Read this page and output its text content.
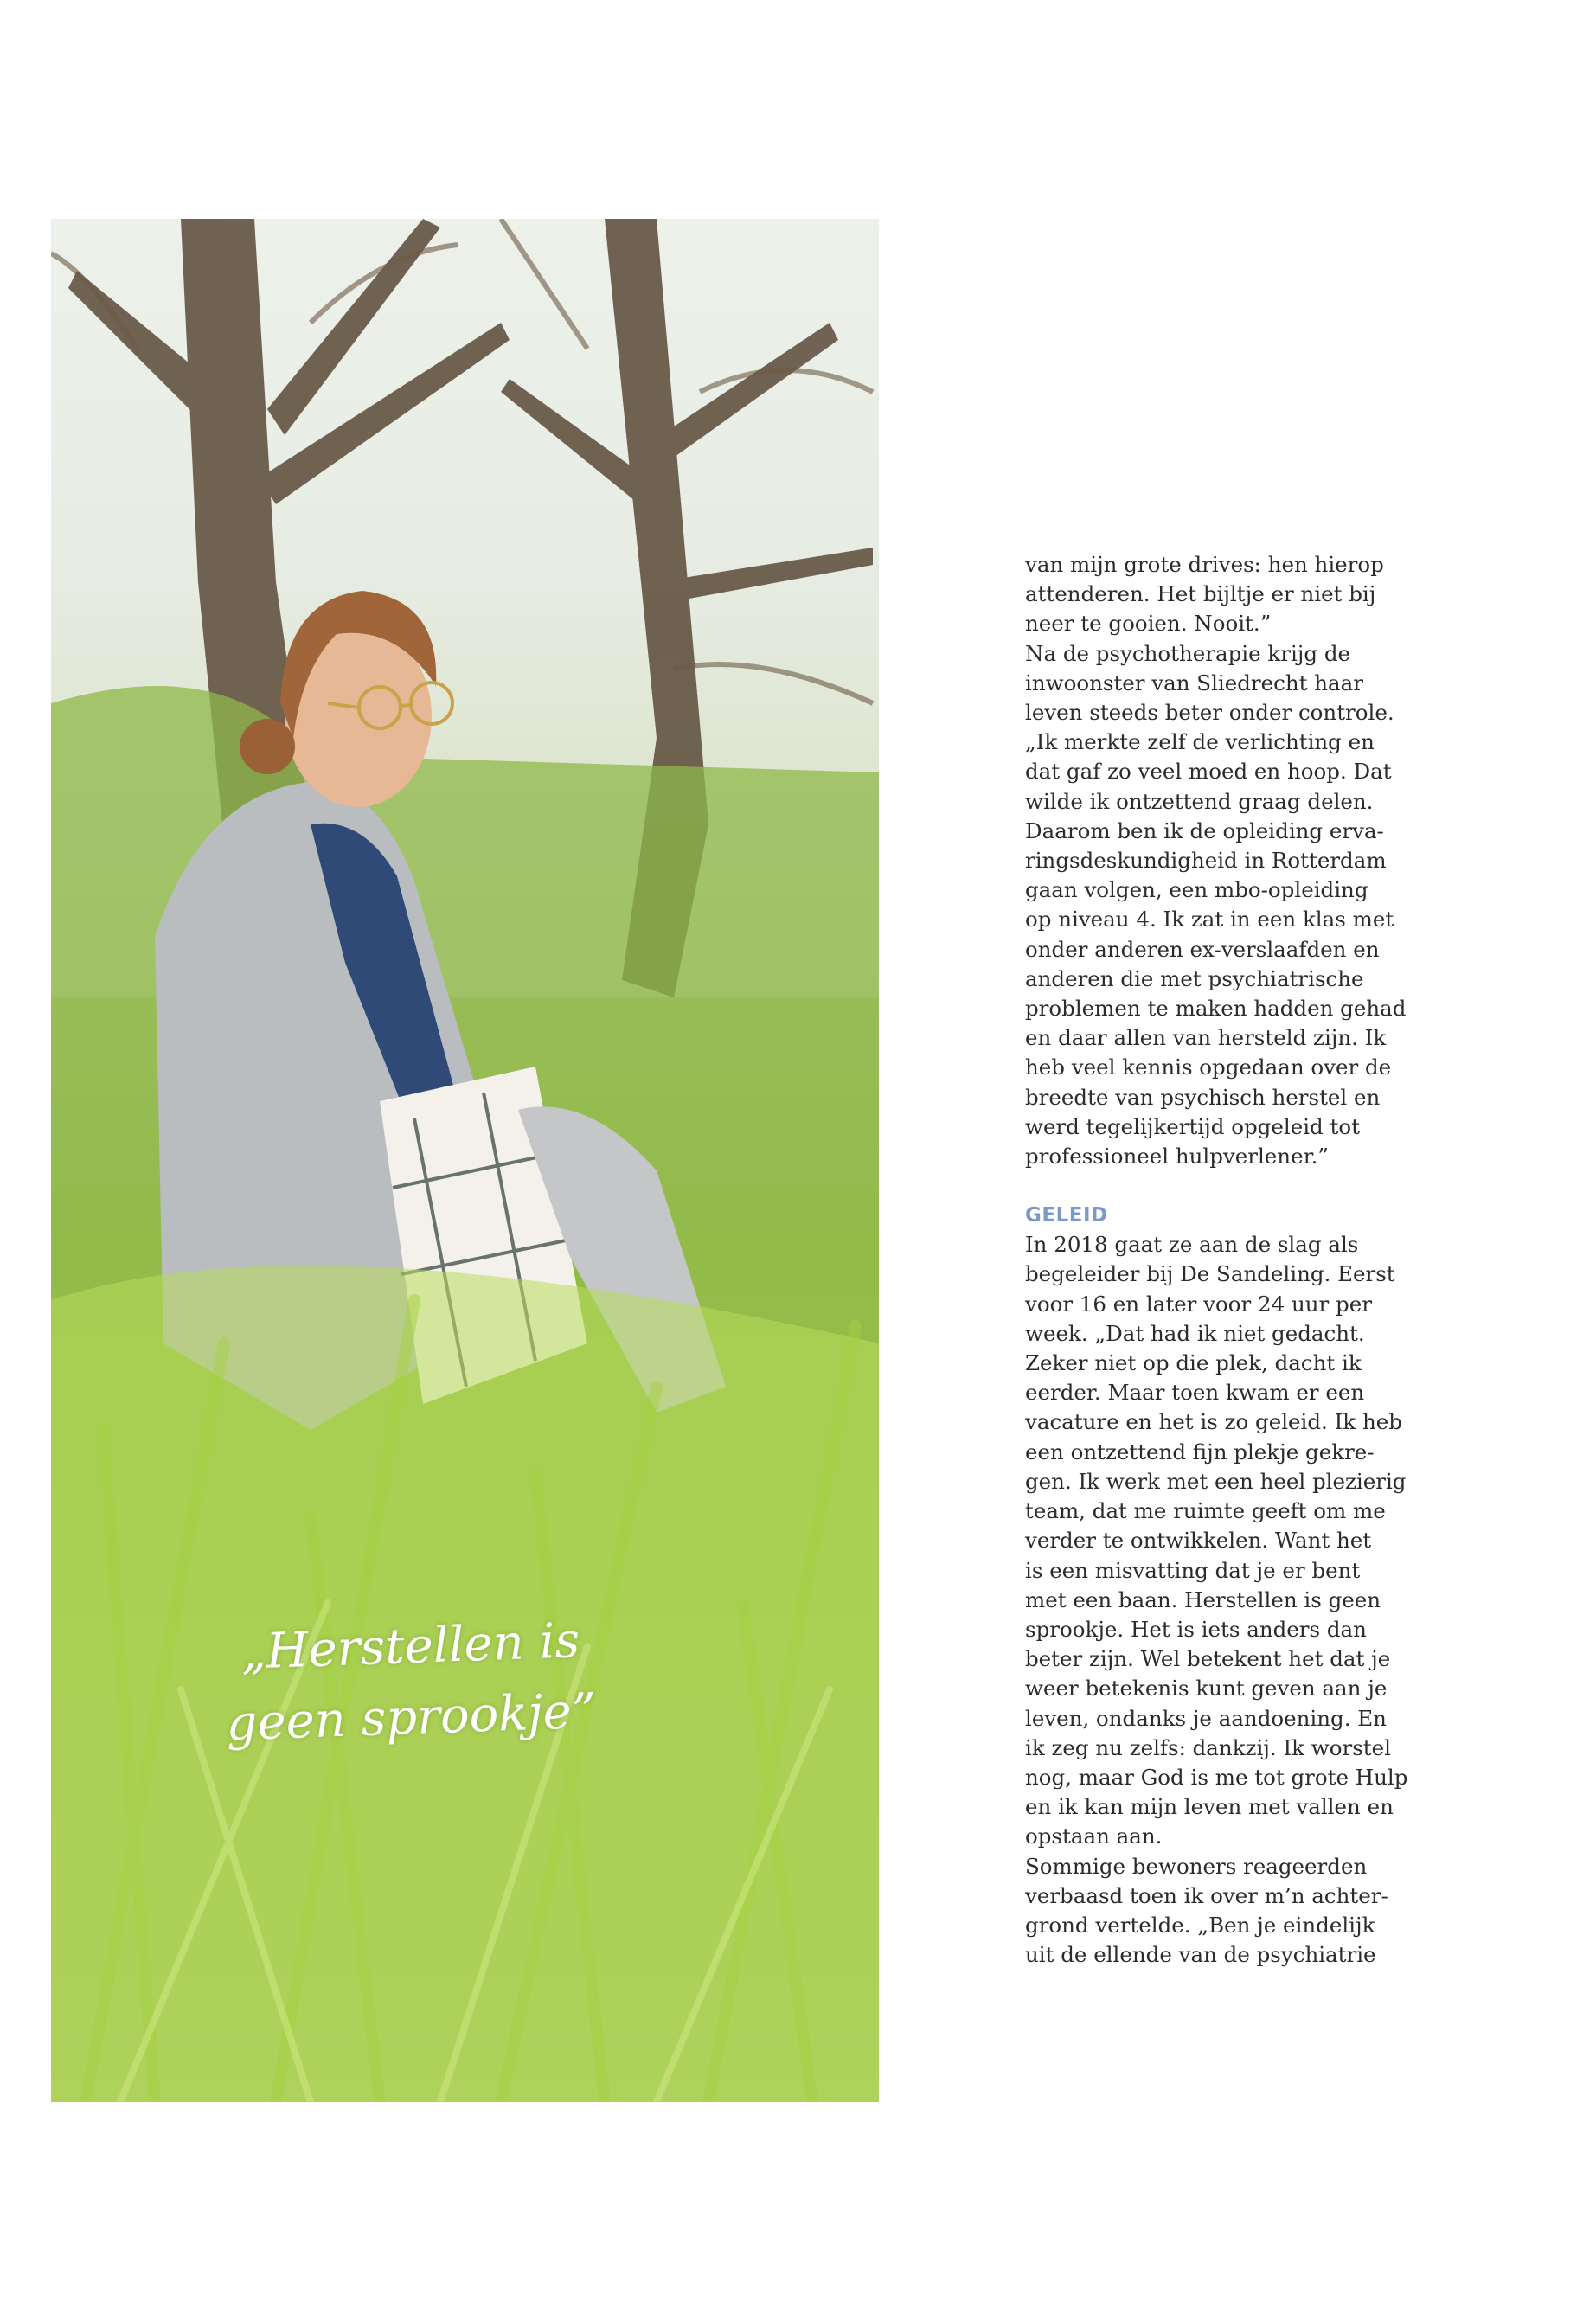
„Herstellen is
geen sprookje”

van mijn grote drives: hen hierop
attenderen. Het bijltje er niet bij
neer te gooien. Nooit.”
Na de psychotherapie krijg de
inwoonster van Sliedrecht haar
leven steeds beter onder controle.
„Ik merkte zelf de verlichting en
dat gaf zo veel moed en hoop. Dat
wilde ik ontzettend graag delen.
Daarom ben ik de opleiding erva-
ringsdeskundigheid in Rotterdam
gaan volgen, een mbo-opleiding
op niveau 4. Ik zat in een klas met
onder anderen ex-verslaafden en
anderen die met psychiatrische
problemen te maken hadden gehad
en daar allen van hersteld zijn. Ik
heb veel kennis opgedaan over de
breedte van psychisch herstel en
werd tegelijkertijd opgeleid tot
professioneel hulpverlener.”

GELEID

In 2018 gaat ze aan de slag als
begeleider bij De Sandeling. Eerst
voor 16 en later voor 24 uur per
week. „Dat had ik niet gedacht.
Zeker niet op die plek, dacht ik
eerder. Maar toen kwam er een
vacature en het is zo geleid. Ik heb
een ontzettend fijn plekje gekre-
gen. Ik werk met een heel plezierig
team, dat me ruimte geeft om me
verder te ontwikkelen. Want het
is een misvatting dat je er bent
met een baan. Herstellen is geen
sprookje. Het is iets anders dan
beter zijn. Wel betekent het dat je
weer betekenis kunt geven aan je
leven, ondanks je aandoening. En
ik zeg nu zelfs: dankzij. Ik worstel
nog, maar God is me tot grote Hulp
en ik kan mijn leven met vallen en
opstaan aan.
Sommige bewoners reageerden
verbaasd toen ik over m’n achter-
grond vertelde. „Ben je eindelijk
uit de ellende van de psychiatrie
